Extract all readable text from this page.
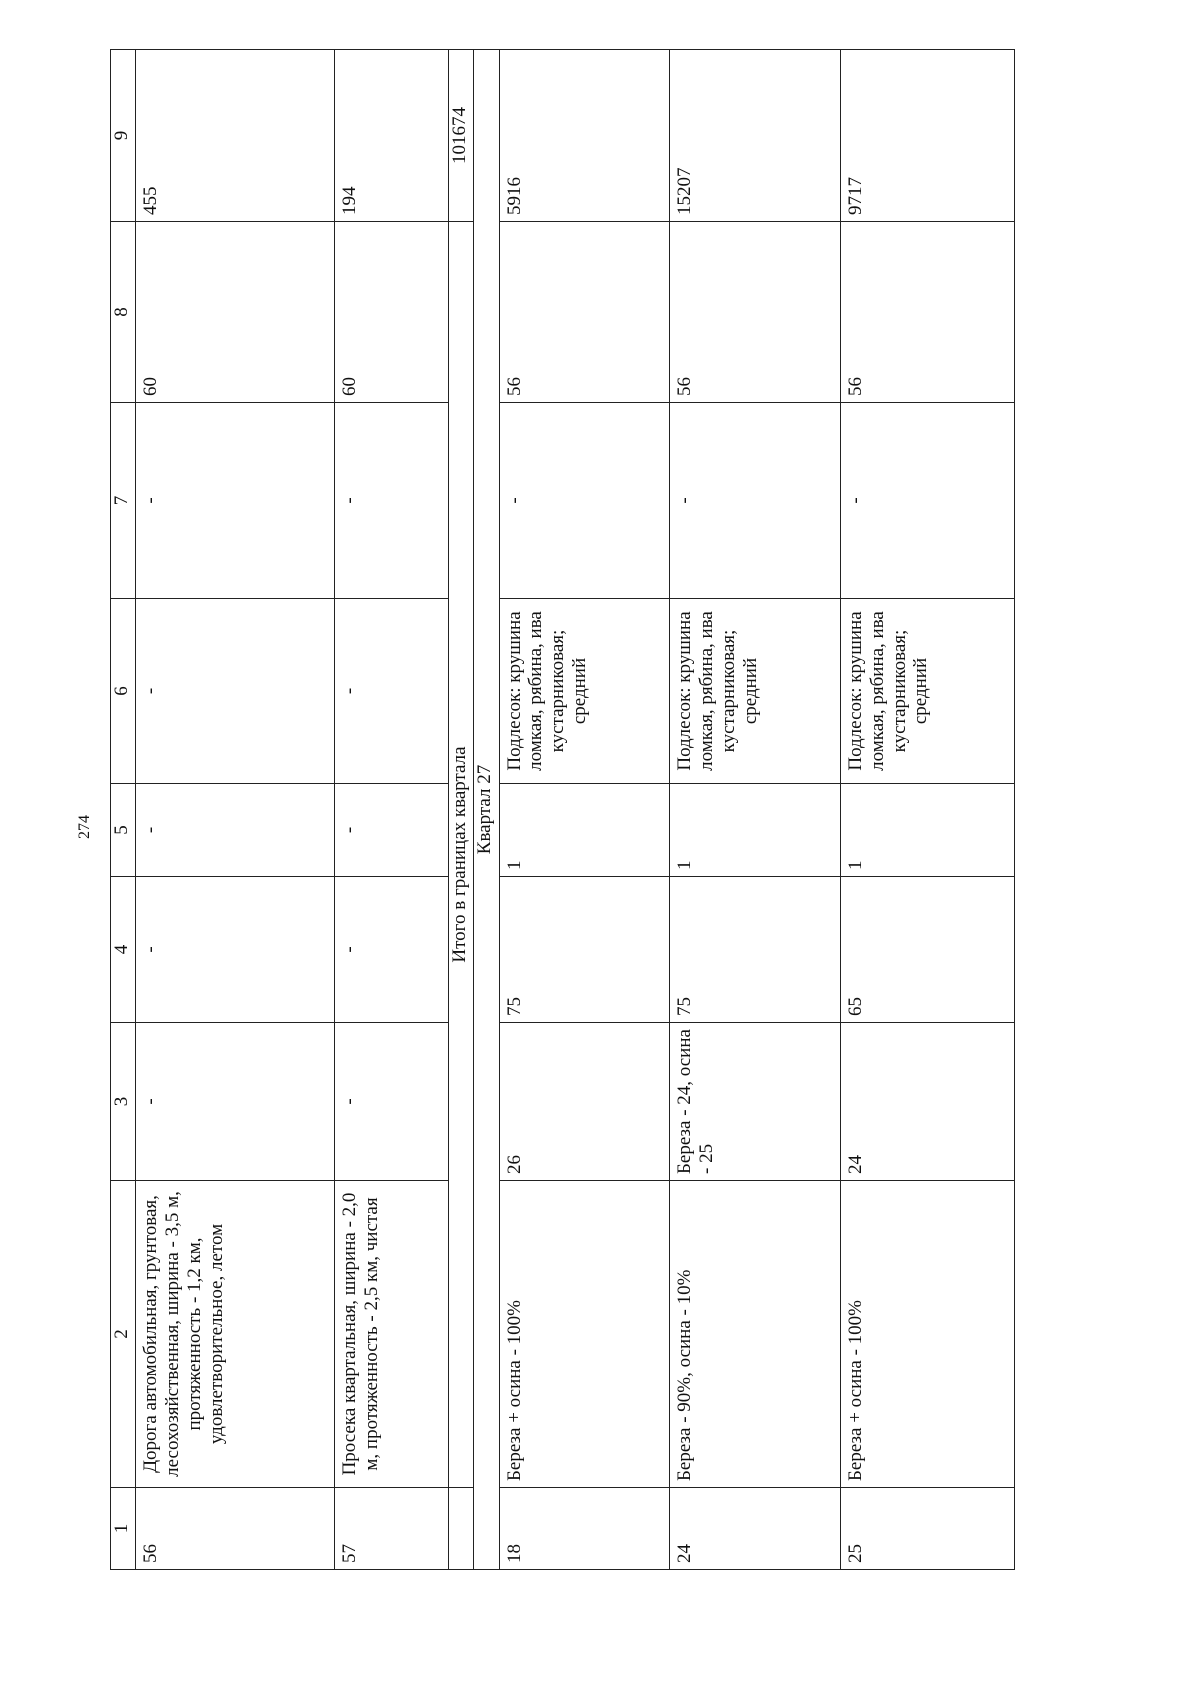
274
1	2	3	4	5	6	7	8	9
56	Дорога автомобильная, грунтовая, лесохозяйственная, ширина - 3,5 м, протяженность - 1,2 км, удовлетворительное, летом	-	-	-	-	-	60	455
57	Просека квартальная, ширина - 2,0 м, протяженность - 2,5 км, чистая	-	-	-	-	-	60	194
	Итого в границах квартала							101674
Квартал 27								
18	Береза + осина - 100%	26	75	1	Подлесок: крушина ломкая, рябина, ива кустарниковая; средний	-	56	5916
24	Береза - 90%, осина - 10%	Береза - 24, осина - 25	75	1	Подлесок: крушина ломкая, рябина, ива кустарниковая; средний	-	56	15207
25	Береза + осина - 100%	24	65	1	Подлесок: крушина ломкая, рябина, ива кустарниковая; средний	-	56	9717
